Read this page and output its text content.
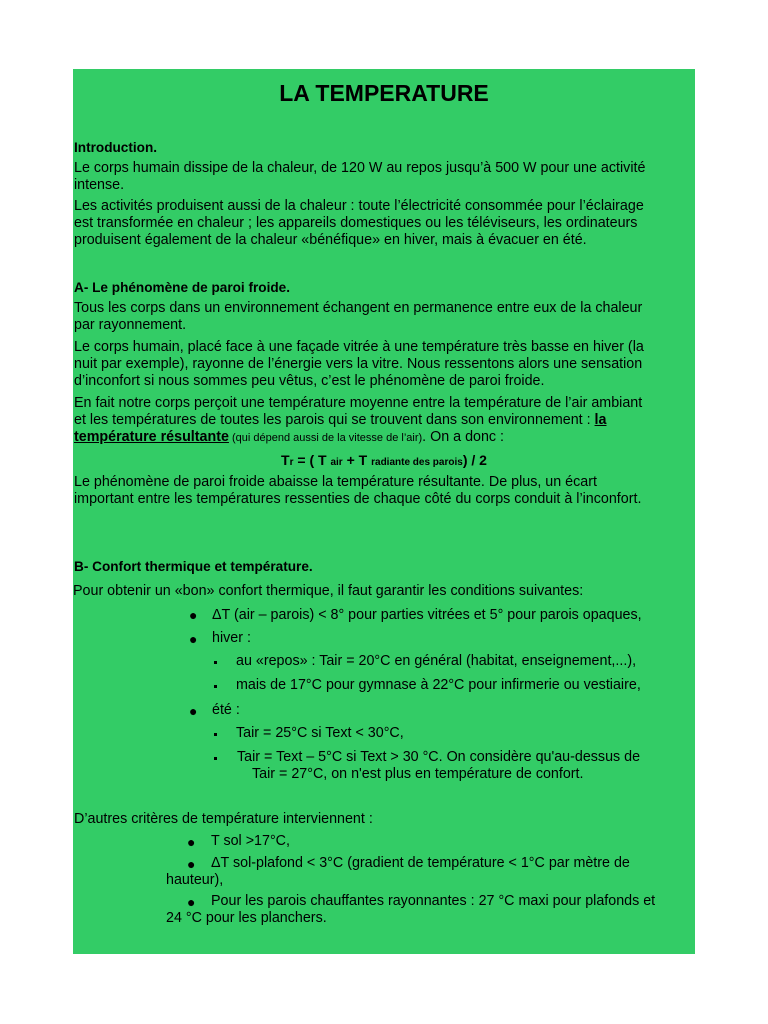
LA TEMPERATURE
Introduction.
Le corps humain dissipe de la chaleur, de 120 W au repos jusqu’à 500 W pour une activité
intense.
Les activités produisent aussi de la chaleur : toute l’électricité consommée pour l’éclairage
est transformée en chaleur ; les appareils domestiques ou les téléviseurs, les ordinateurs
produisent également de la chaleur «bénéfique» en hiver, mais à évacuer en été.
A- Le phénomène de paroi froide.
Tous les corps dans un environnement échangent en permanence entre eux de la chaleur
par rayonnement.
Le corps humain, placé face à une façade vitrée à une température très basse en hiver (la
nuit par exemple), rayonne de l’énergie vers la vitre. Nous ressentons alors une sensation
d’inconfort si nous sommes peu vêtus, c’est le phénomène de paroi froide.
En fait notre corps perçoit une température moyenne entre la température de l’air ambiant
et les températures de toutes les parois qui se trouvent dans son environnement : la
température résultante (qui dépend aussi de la vitesse de l’air). On a donc :
Tr = ( T air + T radiante des parois) / 2
Le phénomène de paroi froide abaisse la température résultante. De plus, un écart
important entre les températures ressenties de chaque côté du corps conduit à l’inconfort.
B- Confort thermique et température.
Pour obtenir un «bon» confort thermique, il faut garantir les conditions suivantes:
● ΔT (air – parois) < 8° pour parties vitrées et 5° pour parois opaques,
● hiver :
au «repos» : Tair = 20°C en général (habitat, enseignement,...),
mais de 17°C pour gymnase à 22°C pour infirmerie ou vestiaire,
● été :
Tair = 25°C si Text < 30°C,
Tair = Text – 5°C si Text > 30 °C. On considère qu'au-dessus de
Tair = 27°C, on n'est plus en température de confort.
D’autres critères de température interviennent :
● T sol >17°C,
● ΔT sol-plafond < 3°C (gradient de température < 1°C par mètre de
hauteur),
● Pour les parois chauffantes rayonnantes : 27 °C maxi pour plafonds et
24 °C pour les planchers.
